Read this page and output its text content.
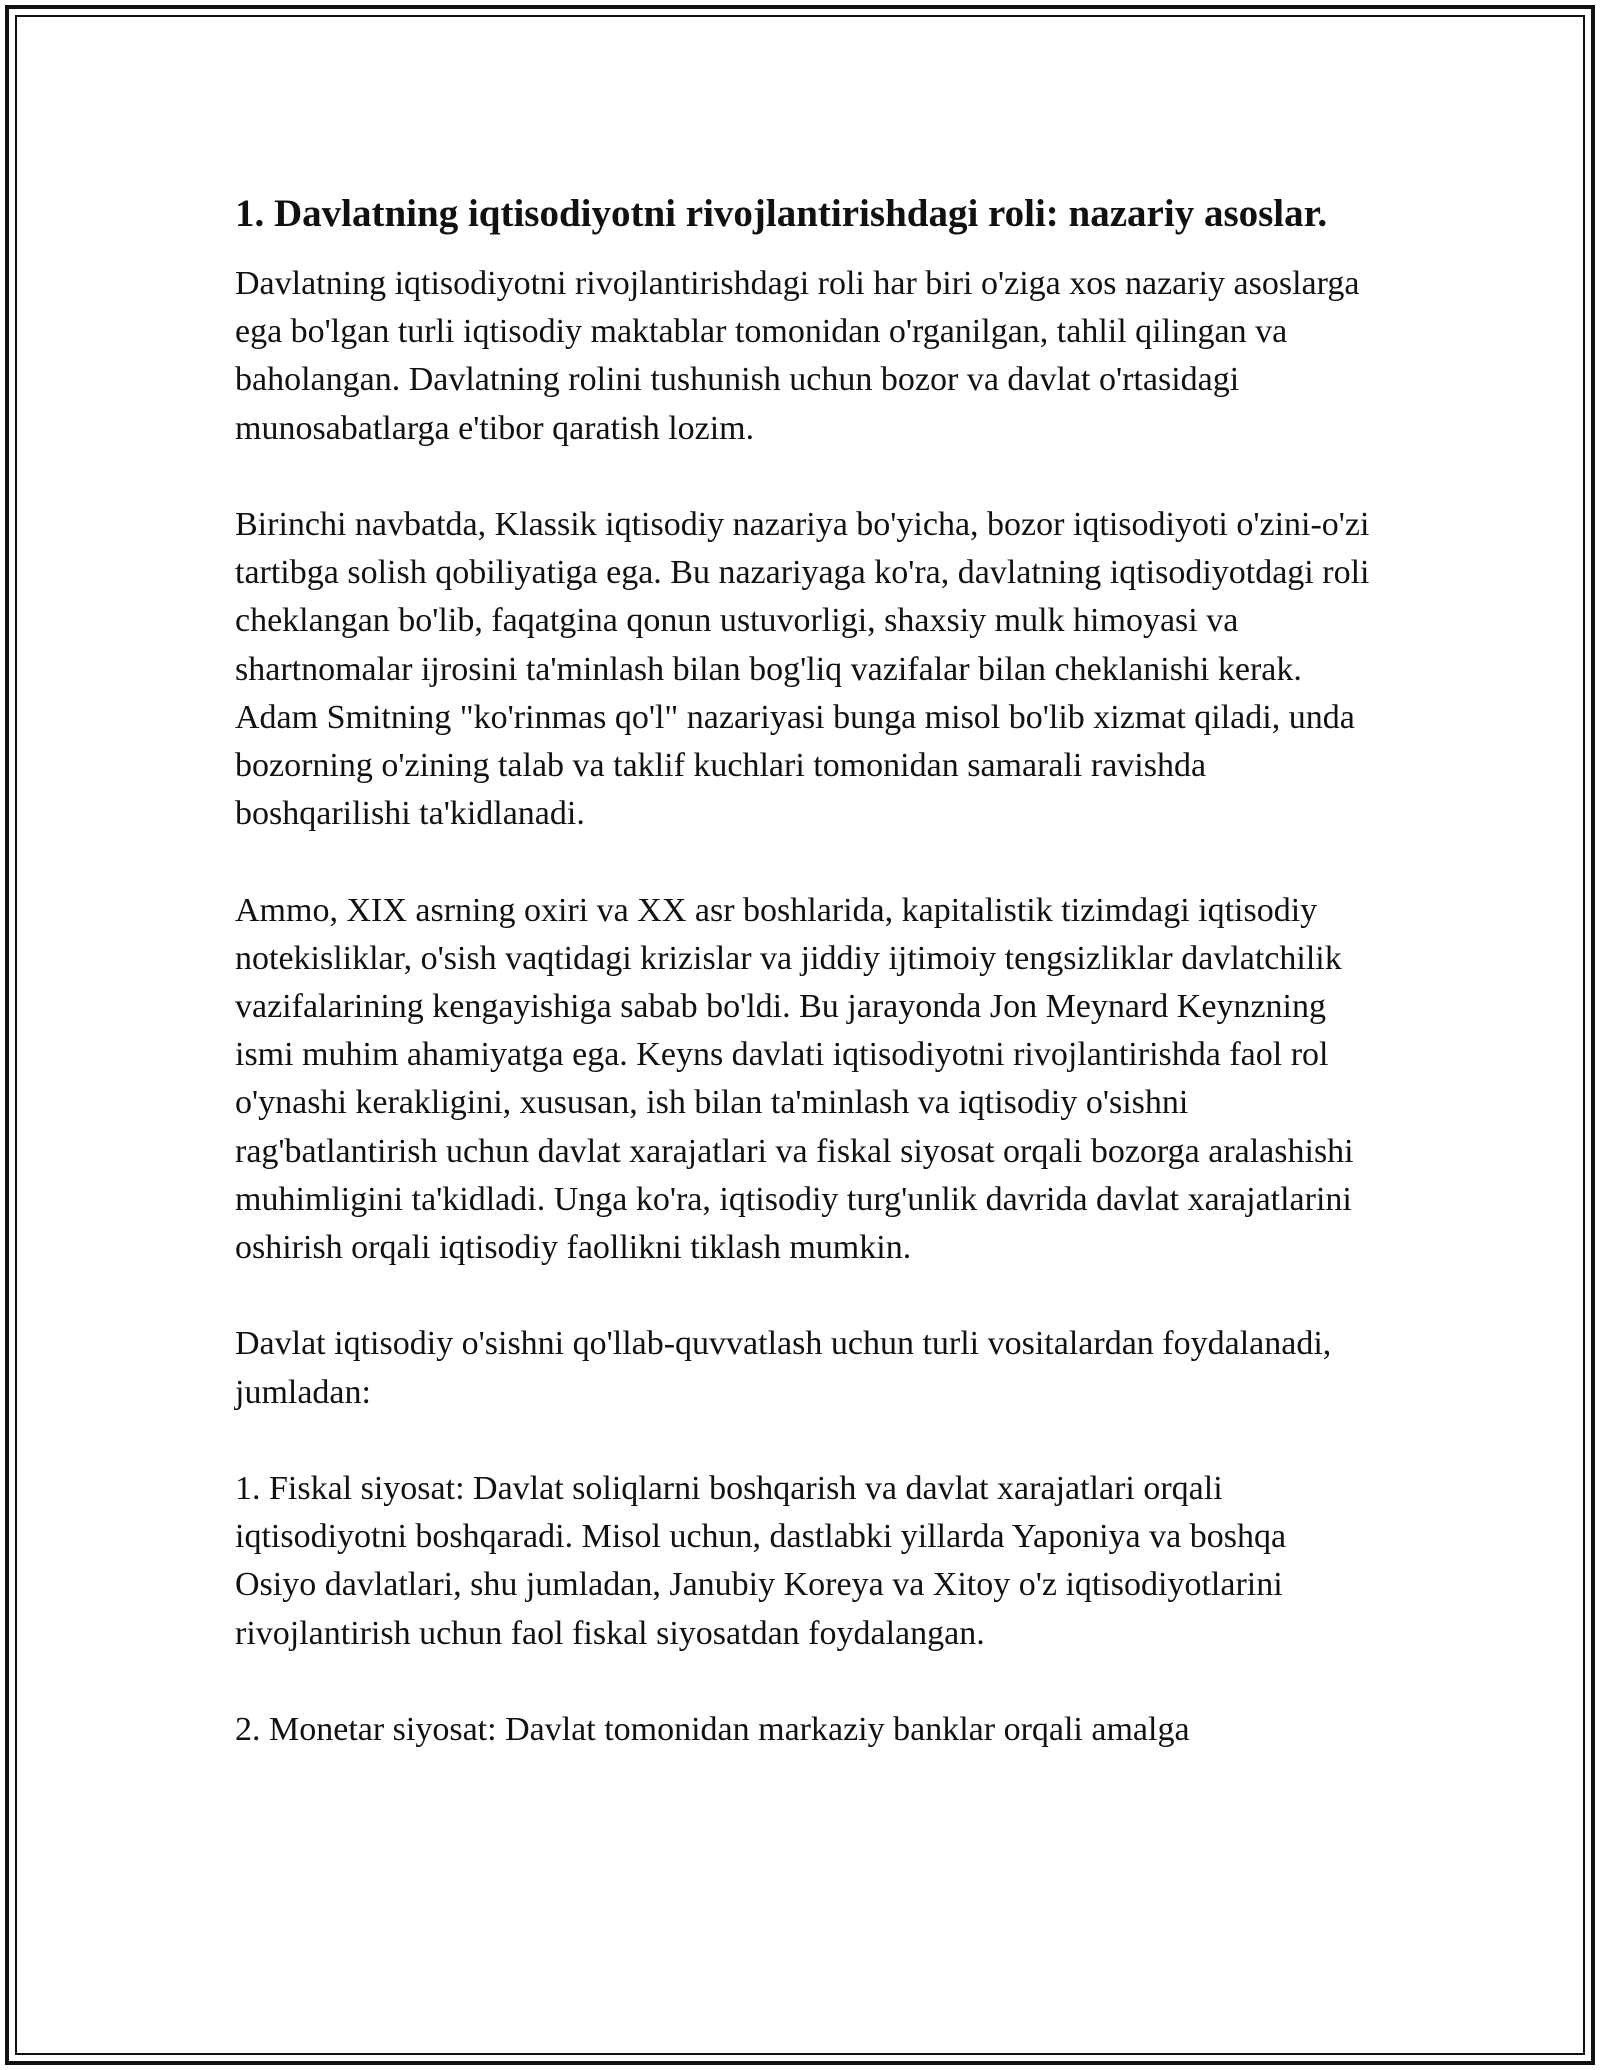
1. Davlatning iqtisodiyotni rivojlantirishdagi roli: nazariy asoslar.

Davlatning iqtisodiyotni rivojlantirishdagi roli har biri o'ziga xos nazariy asoslarga ega bo'lgan turli iqtisodiy maktablar tomonidan o'rganilgan, tahlil qilingan va baholangan. Davlatning rolini tushunish uchun bozor va davlat o'rtasidagi munosabatlarga e'tibor qaratish lozim.

Birinchi navbatda, Klassik iqtisodiy nazariya bo'yicha, bozor iqtisodiyoti o'zini-o'zi tartibga solish qobiliyatiga ega. Bu nazariyaga ko'ra, davlatning iqtisodiyotdagi roli cheklangan bo'lib, faqatgina qonun ustuvorligi, shaxsiy mulk himoyasi va shartnomalar ijrosini ta'minlash bilan bog'liq vazifalar bilan cheklanishi kerak. Adam Smitning "ko'rinmas qo'l" nazariyasi bunga misol bo'lib xizmat qiladi, unda bozorning o'zining talab va taklif kuchlari tomonidan samarali ravishda boshqarilishi ta'kidlanadi.

Ammo, XIX asrning oxiri va XX asr boshlarida, kapitalistik tizimdagi iqtisodiy notekisliklar, o'sish vaqtidagi krizislar va jiddiy ijtimoiy tengsizliklar davlatchilik vazifalarining kengayishiga sabab bo'ldi. Bu jarayonda Jon Meynard Keynzning ismi muhim ahamiyatga ega. Keyns davlati iqtisodiyotni rivojlantirishda faol rol o'ynashi kerakligini, xususan, ish bilan ta'minlash va iqtisodiy o'sishni rag'batlantirish uchun davlat xarajatlari va fiskal siyosat orqali bozorga aralashishi muhimligini ta'kidladi. Unga ko'ra, iqtisodiy turg'unlik davrida davlat xarajatlarini oshirish orqali iqtisodiy faollikni tiklash mumkin.

Davlat iqtisodiy o'sishni qo'llab-quvvatlash uchun turli vositalardan foydalanadi, jumladan:

1. Fiskal siyosat: Davlat soliqlarni boshqarish va davlat xarajatlari orqali iqtisodiyotni boshqaradi. Misol uchun, dastlabki yillarda Yaponiya va boshqa Osiyo davlatlari, shu jumladan, Janubiy Koreya va Xitoy o'z iqtisodiyotlarini rivojlantirish uchun faol fiskal siyosatdan foydalangan.

2. Monetar siyosat: Davlat tomonidan markaziy banklar orqali amalga
